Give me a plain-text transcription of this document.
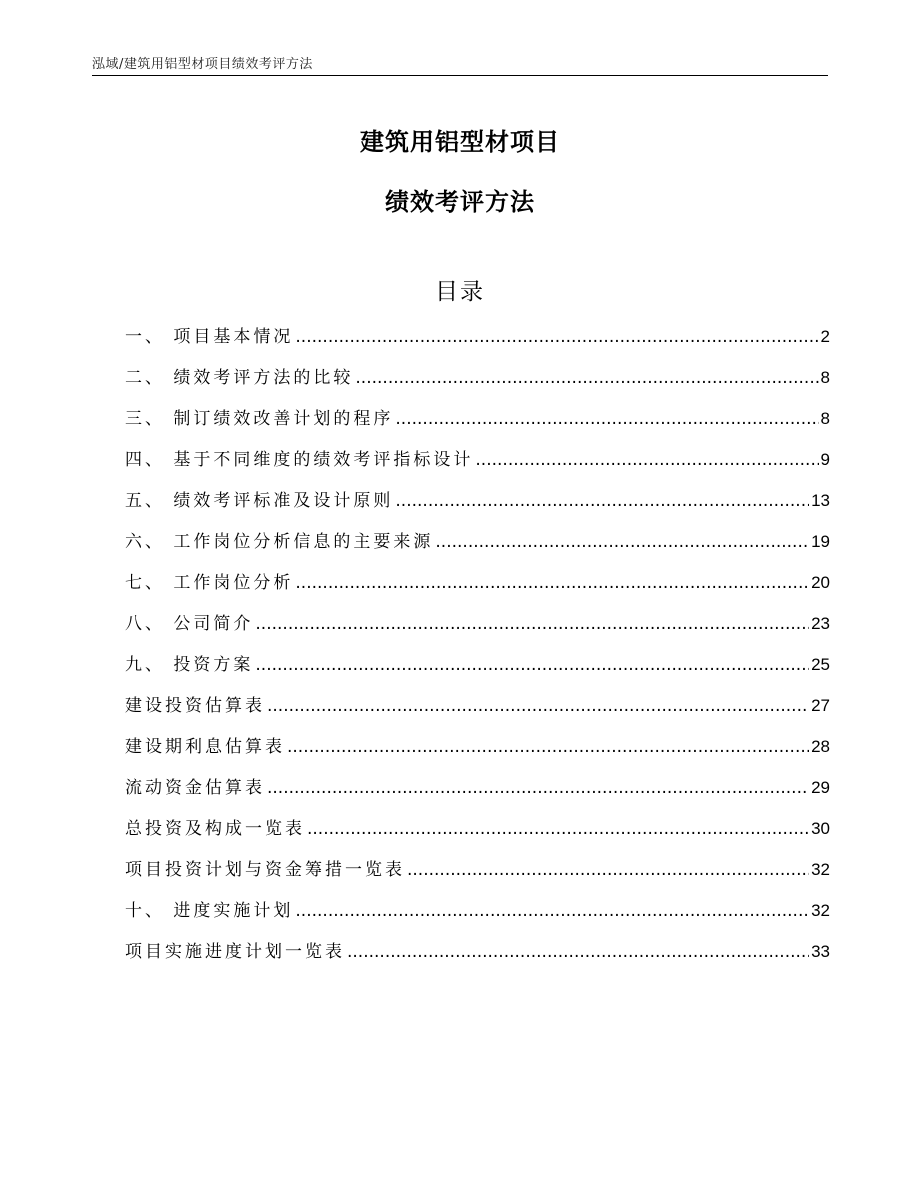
泓域/建筑用铝型材项目绩效考评方法
建筑用铝型材项目
绩效考评方法
目录
一、 项目基本情况 .....	2
二、 绩效考评方法的比较 .....	8
三、 制订绩效改善计划的程序 .....	8
四、 基于不同维度的绩效考评指标设计 .....	9
五、 绩效考评标准及设计原则 .....	13
六、 工作岗位分析信息的主要来源 .....	19
七、 工作岗位分析 .....	20
八、 公司简介 .....	23
九、 投资方案 .....	25
建设投资估算表 .....	27
建设期利息估算表 .....	28
流动资金估算表 .....	29
总投资及构成一览表 .....	30
项目投资计划与资金筹措一览表 .....	32
十、 进度实施计划 .....	32
项目实施进度计划一览表 .....	33
